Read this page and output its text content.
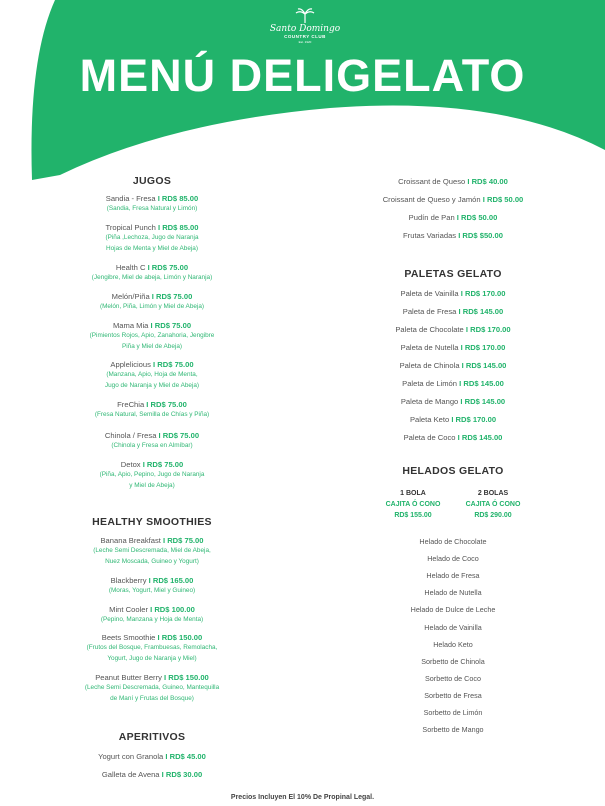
Santo Domingo
COUNTRY CLUB
Est. 1920
MENÚ DELIGELATO
JUGOS
Sandia - Fresa I RD$ 85.00
(Sandia, Fresa Natural y Limón)
Tropical Punch I RD$ 85.00
(Piña ,Lechoza, Jugo de Naranja
Hojas de Menta y Miel de Abeja)
Health C I RD$ 75.00
(Jengibre, Miel de abeja, Limón y Naranja)
Melón/Piña I RD$ 75.00
(Melón, Piña, Limón y Miel de Abeja)
Mama Mia I RD$ 75.00
(Pimientos Rojos, Apio, Zanahoria, Jengibre
Piña y Miel de Abeja)
Applelicious I RD$ 75.00
(Manzana, Apio, Hoja de Menta,
Jugo de Naranja y Miel de Abeja)
FreChia I RD$ 75.00
(Fresa Natural, Semilla de Chías y Piña)
Chinola / Fresa I RD$ 75.00
(Chinola y Fresa en Almíbar)
Detox I RD$ 75.00
(Piña, Apio, Pepino, Jugo de Naranja
y Miel de Abeja)
HEALTHY SMOOTHIES
Banana Breakfast I RD$ 75.00
(Leche Semi Descremada, Miel de Abeja,
Nuez Moscada, Guineo y Yogurt)
Blackberry I RD$ 165.00
(Moras, Yogurt, Miel y Guineo)
Mint Cooler I RD$ 100.00
(Pepino, Manzana y Hoja de Menta)
Beets Smoothie I RD$ 150.00
(Frutos del Bosque, Frambuesas, Remolacha,
Yogurt, Jugo de Naranja y Miel)
Peanut Butter Berry I RD$ 150.00
(Leche Semi Descremada, Guineo, Mantequilla
de Maní y Frutas del Bosque)
APERITIVOS
Yogurt con Granola I RD$ 45.00
Galleta de Avena I RD$ 30.00
Croissant de Queso I RD$ 40.00
Croissant de Queso y Jamón I RD$ 50.00
Pudín de Pan I RD$ 50.00
Frutas Variadas I RD$ $50.00
PALETAS GELATO
Paleta de Vainilla I RD$ 170.00
Paleta de Fresa I RD$ 145.00
Paleta de Chocolate I RD$ 170.00
Paleta de Nutella I RD$ 170.00
Paleta de Chinola I RD$ 145.00
Paleta de Limón I RD$ 145.00
Paleta de Mango I RD$ 145.00
Paleta Keto I RD$ 170.00
Paleta de Coco I RD$ 145.00
HELADOS GELATO
1 BOLA
CAJITA Ó CONO
RD$ 155.00
2 BOLAS
CAJITA Ó CONO
RD$ 290.00
Helado de Chocolate
Helado de Coco
Helado de Fresa
Helado de Nutella
Helado de Dulce de Leche
Helado de Vainilla
Helado Keto
Sorbetto de Chinola
Sorbetto de Coco
Sorbetto de Fresa
Sorbetto de Limón
Sorbetto de Mango
Precios Incluyen El 10% De Propinal Legal.
